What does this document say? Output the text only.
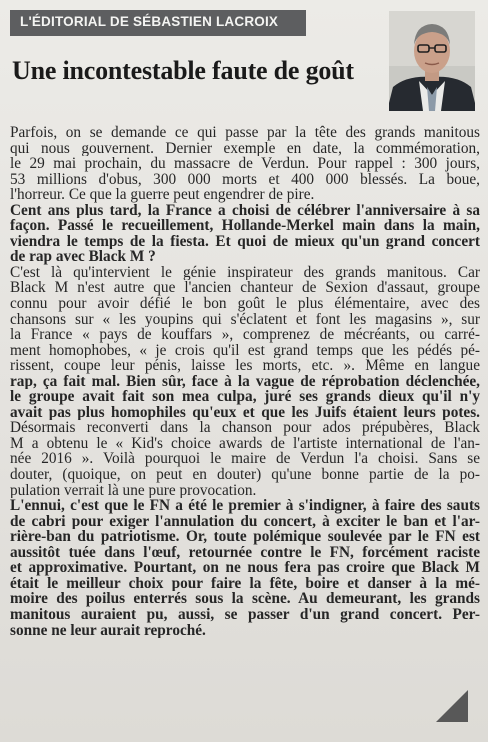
L'ÉDITORIAL DE SÉBASTIEN LACROIX
Une incontestable faute de goût
Parfois, on se demande ce qui passe par la tête des grands manitous
qui nous gouvernent. Dernier exemple en date, la commémoration,
le 29 mai prochain, du massacre de Verdun. Pour rappel : 300 jours,
53 millions d'obus, 300 000 morts et 400 000 blessés. La boue,
l'horreur. Ce que la guerre peut engendrer de pire.
Cent ans plus tard, la France a choisi de célébrer l'anniversaire à sa
façon. Passé le recueillement, Hollande-Merkel main dans la main,
viendra le temps de la fiesta. Et quoi de mieux qu'un grand concert
de rap avec Black M ?
C'est là qu'intervient le génie inspirateur des grands manitous. Car
Black M n'est autre que l'ancien chanteur de Sexion d'assaut, groupe
connu pour avoir défié le bon goût le plus élémentaire, avec des
chansons sur « les youpins qui s'éclatent et font les magasins », sur
la France « pays de kouffars », comprenez de mécréants, ou carré-
ment homophobes, « je crois qu'il est grand temps que les pédés pé-
rissent, coupe leur pénis, laisse les morts, etc. ». Même en langue
rap, ça fait mal. Bien sûr, face à la vague de réprobation déclenchée,
le groupe avait fait son mea culpa, juré ses grands dieux qu'il n'y
avait pas plus homophiles qu'eux et que les Juifs étaient leurs potes.
Désormais reconverti dans la chanson pour ados prépubères, Black
M a obtenu le « Kid's choice awards de l'artiste international de l'an-
née 2016 ». Voilà pourquoi le maire de Verdun l'a choisi. Sans se
douter, (quoique, on peut en douter) qu'une bonne partie de la po-
pulation verrait là une pure provocation.
L'ennui, c'est que le FN a été le premier à s'indigner, à faire des sauts
de cabri pour exiger l'annulation du concert, à exciter le ban et l'ar-
rière-ban du patriotisme. Or, toute polémique soulevée par le FN est
aussitôt tuée dans l'œuf, retournée contre le FN, forcément raciste
et approximative. Pourtant, on ne nous fera pas croire que Black M
était le meilleur choix pour faire la fête, boire et danser à la mé-
moire des poilus enterrés sous la scène. Au demeurant, les grands
manitous auraient pu, aussi, se passer d'un grand concert. Per-
sonne ne leur aurait reproché.
